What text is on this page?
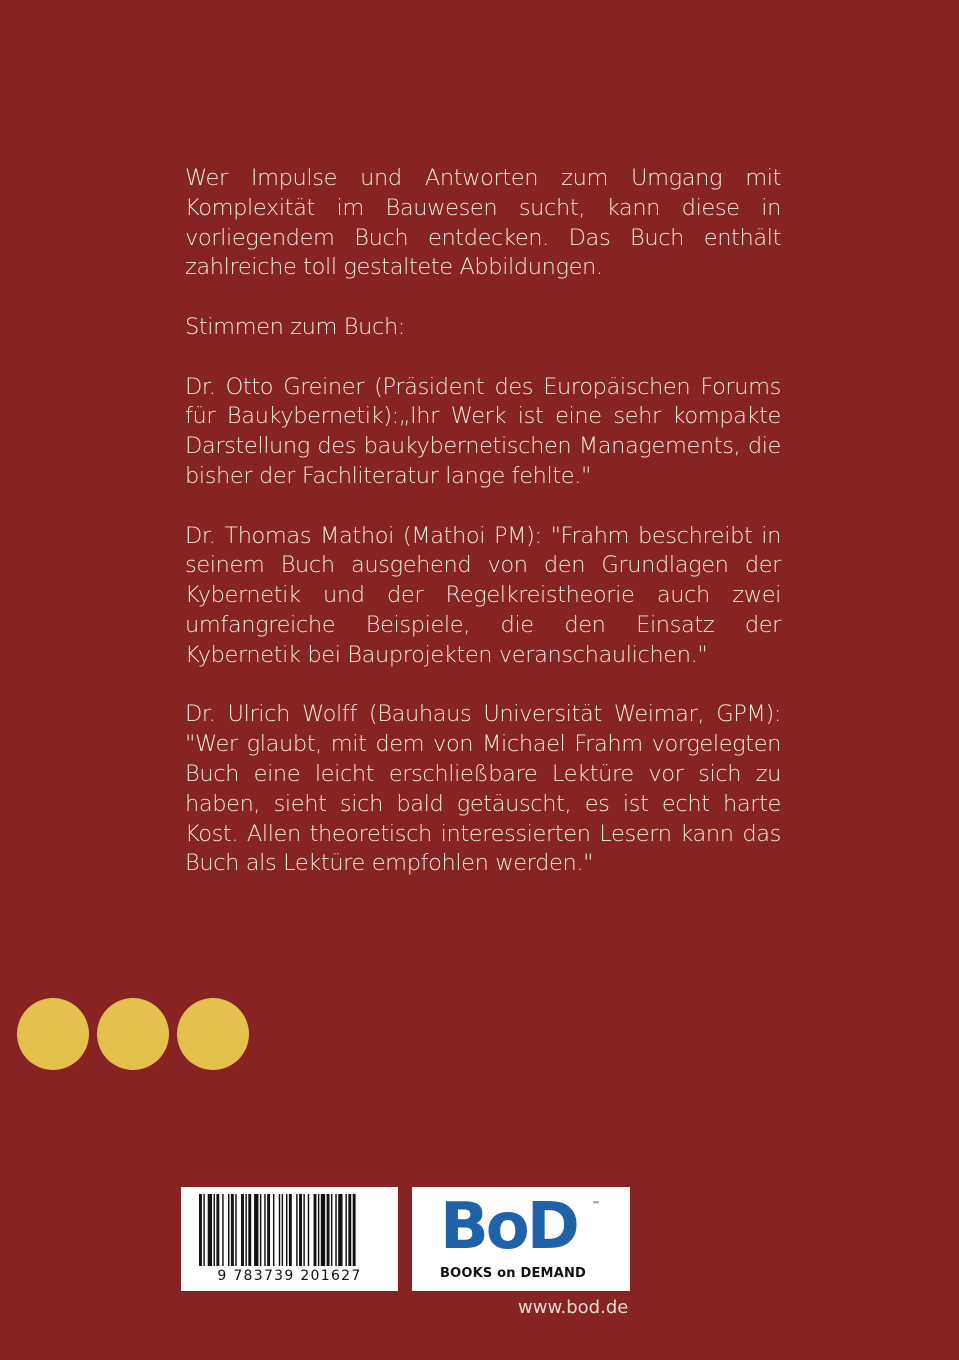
Wer Impulse und Antworten zum Umgang mit Komplexität im Bauwesen sucht, kann diese in vorliegendem Buch entdecken. Das Buch enthält zahlreiche toll gestaltete Abbildungen.

Stimmen zum Buch:

Dr. Otto Greiner (Präsident des Europäischen Forums für Baukybernetik):„Ihr Werk ist eine sehr kompakte Darstellung des baukybernetischen Managements, die bisher der Fachliteratur lange fehlte."

Dr. Thomas Mathoi (Mathoi PM): "Frahm beschreibt in seinem Buch ausgehend von den Grundlagen der Kybernetik und der Regelkreistheorie auch zwei umfangreiche Beispiele, die den Einsatz der Kybernetik bei Bauprojekten veranschaulichen."

Dr. Ulrich Wolff (Bauhaus Universität Weimar, GPM): "Wer glaubt, mit dem von Michael Frahm vorgelegten Buch eine leicht erschließbare Lektüre vor sich zu haben, sieht sich bald getäuscht, es ist echt harte Kost. Allen theoretisch interessierten Lesern kann das Buch als Lektüre empfohlen werden."

9 783739 201627
BoD ™
BOOKS on DEMAND
www.bod.de
